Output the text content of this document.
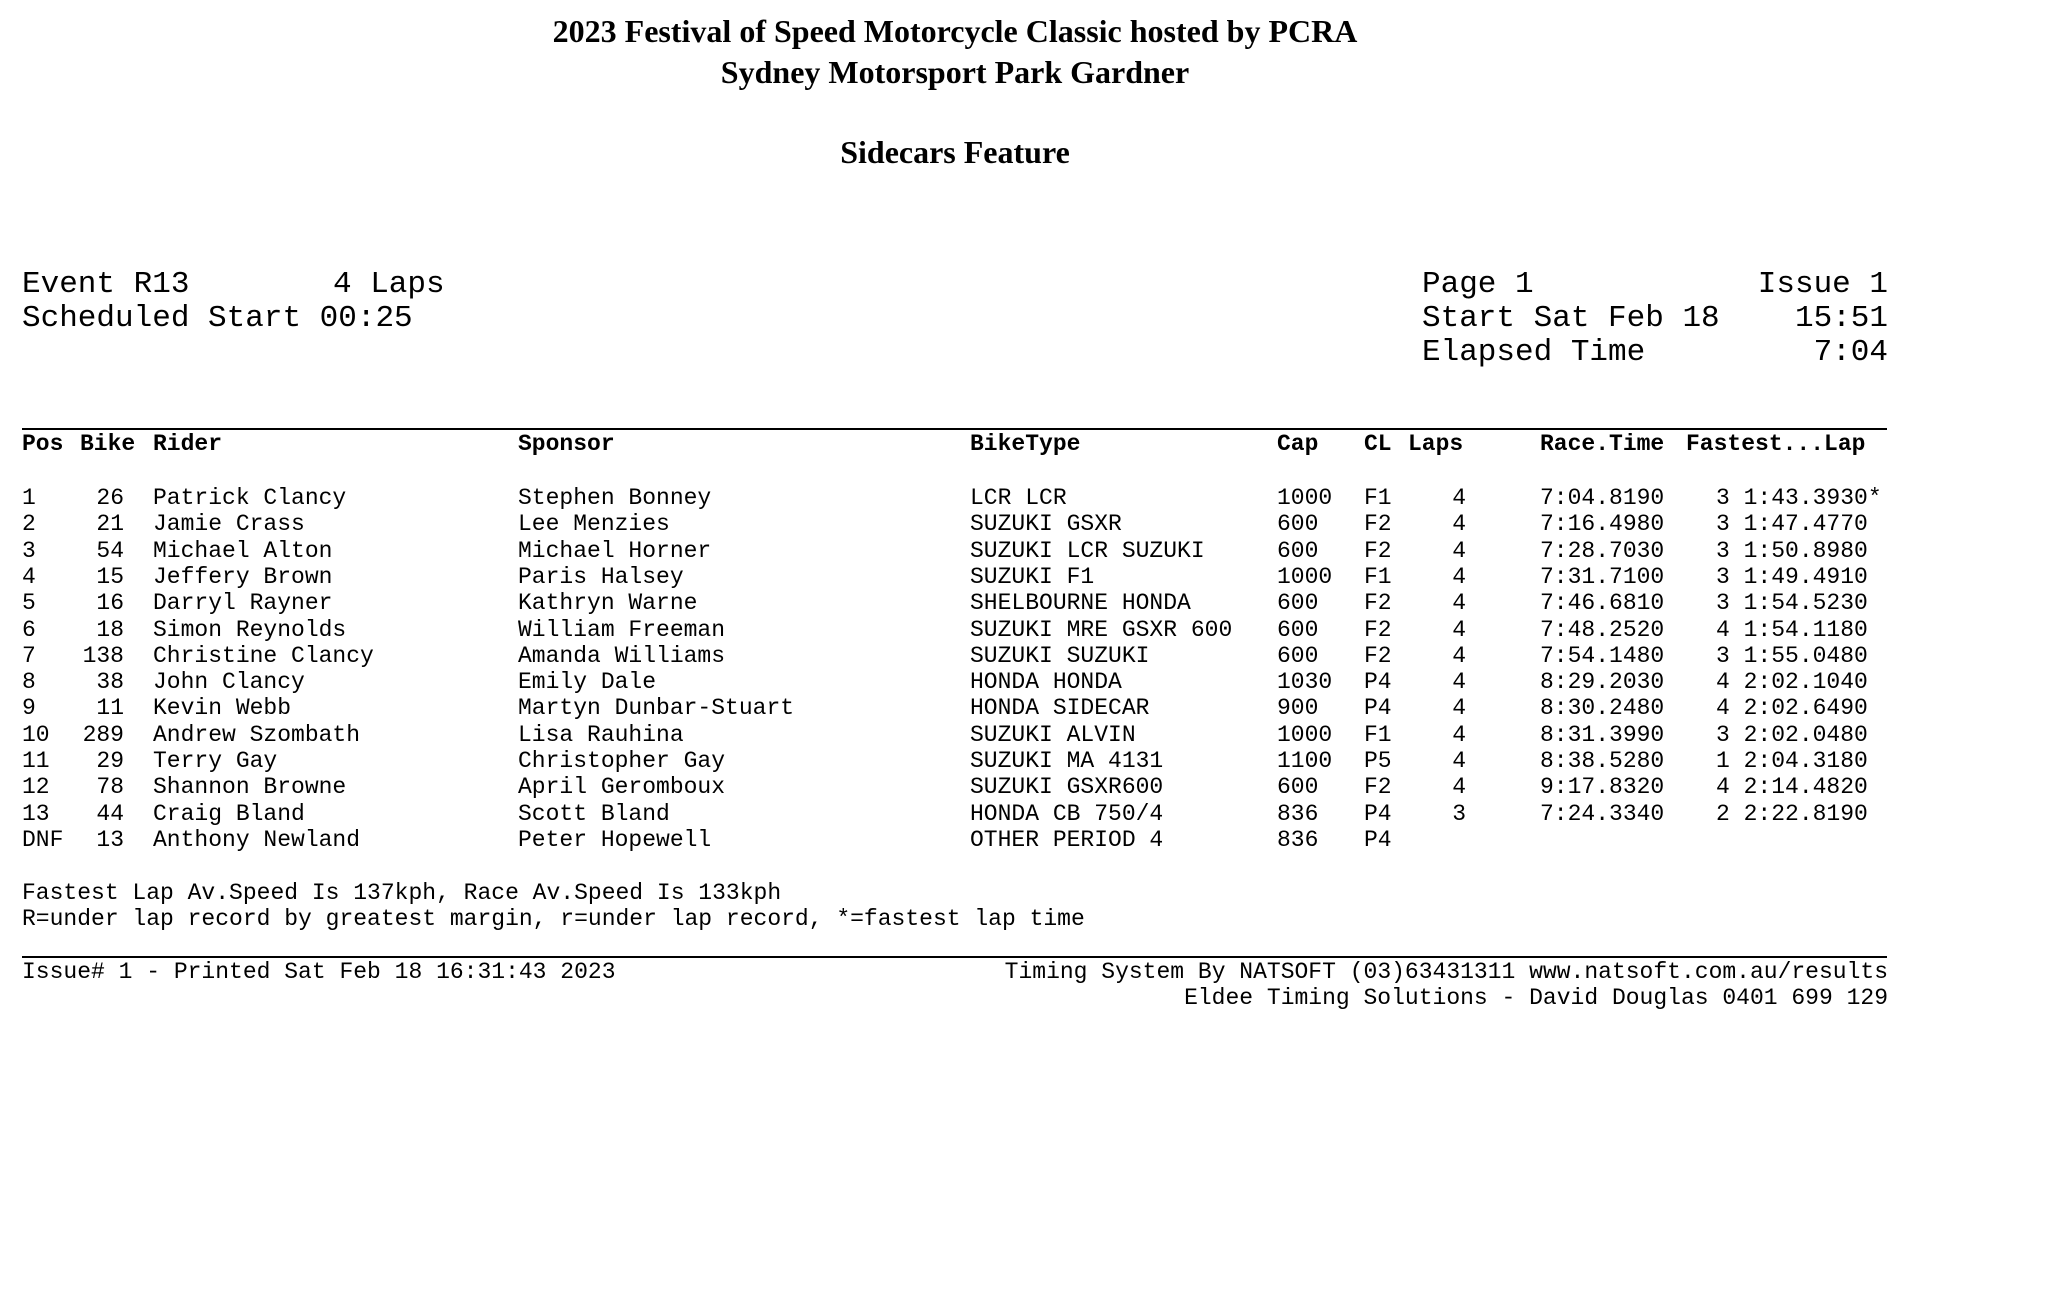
2023 Festival of Speed Motorcycle Classic hosted by PCRA
Sydney Motorsport Park Gardner
Sidecars Feature
Event R13	4 Laps
Scheduled Start 00:25
Page 1	Issue 1
Start Sat Feb 18	15:51
Elapsed Time	7:04
Pos Bike Rider	Sponsor	BikeType	Cap CL Laps	Race.Time Fastest...Lap
1	26 Patrick Clancy	Stephen Bonney	LCR LCR	1000	F1	4	7:04.8190 3 1:43.3930*
2	21 Jamie Crass	Lee Menzies	SUZUKI GSXR	600	F2	4	7:16.4980 3 1:47.4770
3	54 Michael Alton	Michael Horner	SUZUKI LCR SUZUKI	600	F2	4	7:28.7030 3 1:50.8980
4	15 Jeffery Brown	Paris Halsey	SUZUKI F1	1000	F1	4	7:31.7100 3 1:49.4910
5	16 Darryl Rayner	Kathryn Warne	SHELBOURNE HONDA	600	F2	4	7:46.6810 3 1:54.5230
6	18 Simon Reynolds	William Freeman	SUZUKI MRE GSXR 600	600	F2	4	7:48.2520 4 1:54.1180
7	138 Christine Clancy	Amanda Williams	SUZUKI SUZUKI	600	F2	4	7:54.1480 3 1:55.0480
8	38 John Clancy	Emily Dale	HONDA HONDA	1030	P4	4	8:29.2030 4 2:02.1040
9	11 Kevin Webb	Martyn Dunbar-Stuart	HONDA SIDECAR	900	P4	4	8:30.2480 4 2:02.6490
10	289 Andrew Szombath	Lisa Rauhina	SUZUKI ALVIN	1000	F1	4	8:31.3990 3 2:02.0480
11	29 Terry Gay	Christopher Gay	SUZUKI MA 4131	1100	P5	4	8:38.5280 1 2:04.3180
12	78 Shannon Browne	April Geromboux	SUZUKI GSXR600	600	F2	4	9:17.8320 4 2:14.4820
13	44 Craig Bland	Scott Bland	HONDA CB 750/4	836	P4	3	7:24.3340 2 2:22.8190
DNF	13 Anthony Newland	Peter Hopewell	OTHER PERIOD 4	836	P4
Fastest Lap Av.Speed Is 137kph, Race Av.Speed Is 133kph
R=under lap record by greatest margin, r=under lap record, *=fastest lap time
Issue# 1 - Printed Sat Feb 18 16:31:43 2023	Timing System By NATSOFT (03)63431311 www.natsoft.com.au/results
Eldee Timing Solutions - David Douglas 0401 699 129
